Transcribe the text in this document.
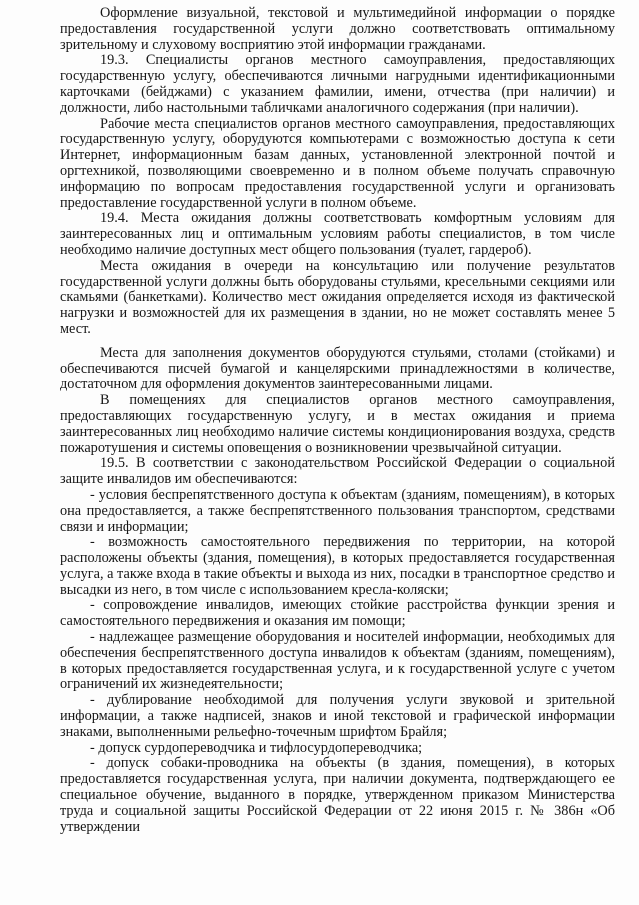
Оформление визуальной, текстовой и мультимедийной информации о порядке предоставления государственной услуги должно соответствовать оптимальному зрительному и слуховому восприятию этой информации гражданами.

19.3. Специалисты органов местного самоуправления, предоставляющих государственную услугу, обеспечиваются личными нагрудными идентификационными карточками (бейджами) с указанием фамилии, имени, отчества (при наличии) и должности, либо настольными табличками аналогичного содержания (при наличии).

Рабочие места специалистов органов местного самоуправления, предоставляющих государственную услугу, оборудуются компьютерами с возможностью доступа к сети Интернет, информационным базам данных, установленной электронной почтой и оргтехникой, позволяющими своевременно и в полном объеме получать справочную информацию по вопросам предоставления государственной услуги и организовать предоставление государственной услуги в полном объеме.

19.4. Места ожидания должны соответствовать комфортным условиям для заинтересованных лиц и оптимальным условиям работы специалистов, в том числе необходимо наличие доступных мест общего пользования (туалет, гардероб).

Места ожидания в очереди на консультацию или получение результатов государственной услуги должны быть оборудованы стульями, кресельными секциями или скамьями (банкетками). Количество мест ожидания определяется исходя из фактической нагрузки и возможностей для их размещения в здании, но не может составлять менее 5 мест.

Места для заполнения документов оборудуются стульями, столами (стойками) и обеспечиваются писчей бумагой и канцелярскими принадлежностями в количестве, достаточном для оформления документов заинтересованными лицами.

В помещениях для специалистов органов местного самоуправления, предоставляющих государственную услугу, и в местах ожидания и приема заинтересованных лиц необходимо наличие системы кондиционирования воздуха, средств пожаротушения и системы оповещения о возникновении чрезвычайной ситуации.

19.5. В соответствии с законодательством Российской Федерации о социальной защите инвалидов им обеспечиваются:

- условия беспрепятственного доступа к объектам (зданиям, помещениям), в которых она предоставляется, а также беспрепятственного пользования транспортом, средствами связи и информации;

- возможность самостоятельного передвижения по территории, на которой расположены объекты (здания, помещения), в которых предоставляется государственная услуга, а также входа в такие объекты и выхода из них, посадки в транспортное средство и высадки из него, в том числе с использованием кресла-коляски;

- сопровождение инвалидов, имеющих стойкие расстройства функции зрения и самостоятельного передвижения и оказания им помощи;

- надлежащее размещение оборудования и носителей информации, необходимых для обеспечения беспрепятственного доступа инвалидов к объектам (зданиям, помещениям), в которых предоставляется государственная услуга, и к государственной услуге с учетом ограничений их жизнедеятельности;

- дублирование необходимой для получения услуги звуковой и зрительной информации, а также надписей, знаков и иной текстовой и графической информации знаками, выполненными рельефно-точечным шрифтом Брайля;

- допуск сурдопереводчика и тифлосурдопереводчика;

- допуск собаки-проводника на объекты (в здания, помещения), в которых предоставляется государственная услуга, при наличии документа, подтверждающего ее специальное обучение, выданного в порядке, утвержденном приказом Министерства труда и социальной защиты Российской Федерации от 22 июня 2015 г. № 386н «Об утверждении
